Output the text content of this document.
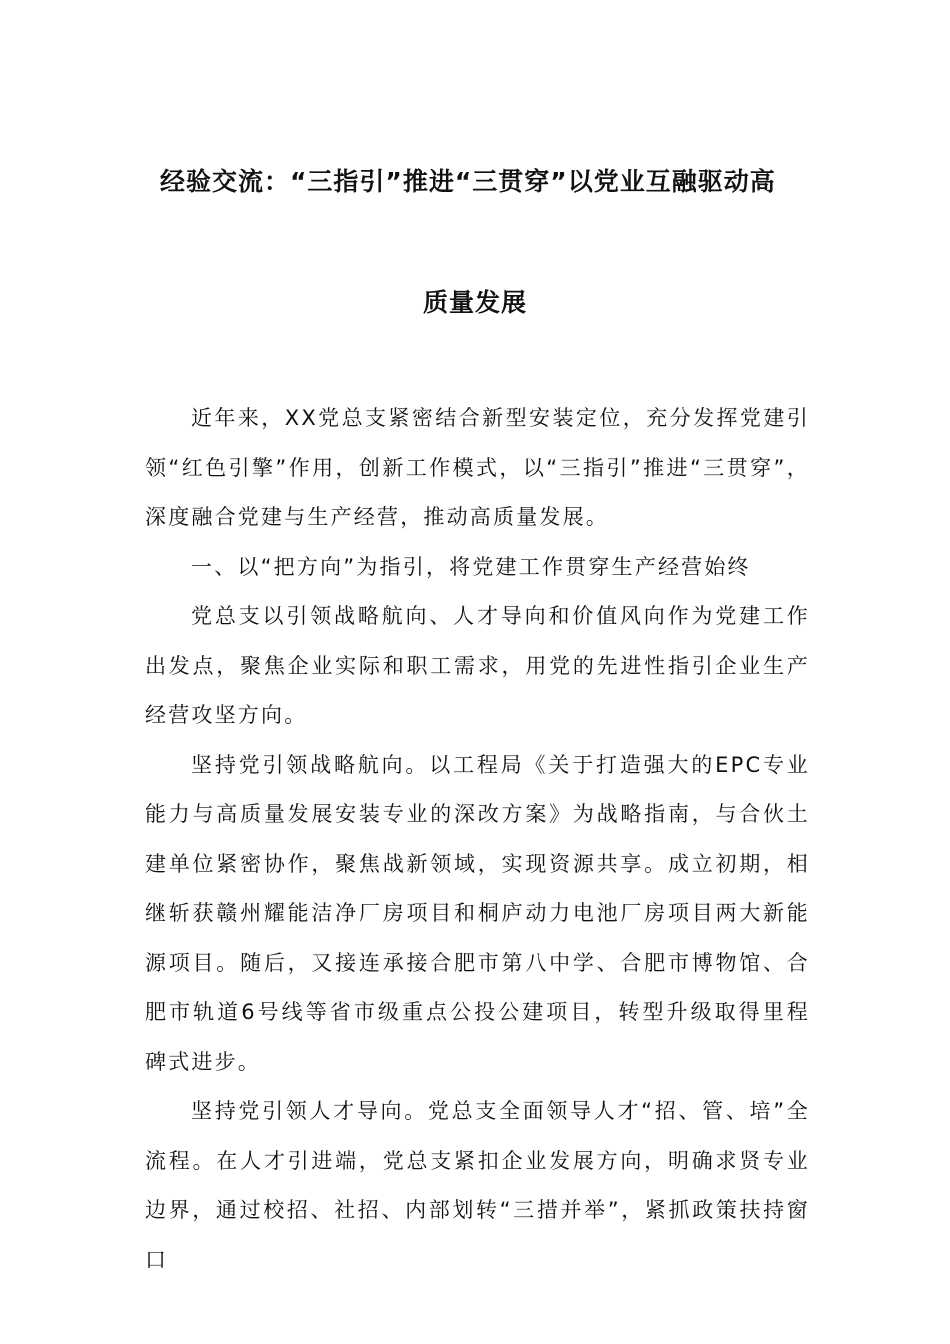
经验交流：“三指引”推进“三贯穿”以党业互融驱动高
质量发展

近年来，XX党总支紧密结合新型安装定位，充分发挥党建引领“红色引擎”作用，创新工作模式，以“三指引”推进“三贯穿”，深度融合党建与生产经营，推动高质量发展。

一、以“把方向”为指引，将党建工作贯穿生产经营始终

党总支以引领战略航向、人才导向和价值风向作为党建工作出发点，聚焦企业实际和职工需求，用党的先进性指引企业生产经营攻坚方向。

坚持党引领战略航向。以工程局《关于打造强大的EPC专业能力与高质量发展安装专业的深改方案》为战略指南，与合伙土建单位紧密协作，聚焦战新领域，实现资源共享。成立初期，相继斩获赣州耀能洁净厂房项目和桐庐动力电池厂房项目两大新能源项目。随后，又接连承接合肥市第八中学、合肥市博物馆、合肥市轨道6号线等省市级重点公投公建项目，转型升级取得里程碑式进步。

坚持党引领人才导向。党总支全面领导人才“招、管、培”全流程。在人才引进端，党总支紧扣企业发展方向，明确求贤专业边界，通过校招、社招、内部划转“三措并举”，紧抓政策扶持窗口
